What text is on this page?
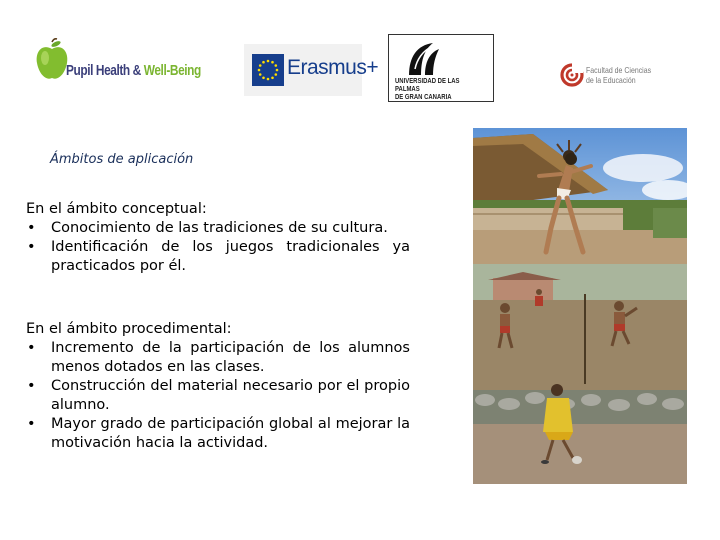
Pupil Health & Well-Being	Erasmus+
UNIVERSIDAD DE LAS PALMAS
DE GRAN CANARIA
Facultad de Ciencias
de la Educación
Ámbitos de aplicación

En el ámbito conceptual:

• Conocimiento de las tradiciones de su cultura.
• Identificación de los juegos tradicionales ya practicados por él.

En el ámbito procedimental:

• Incremento de la participación de los alumnos menos dotados en las clases.
• Construcción del material necesario por el propio alumno.
• Mayor grado de participación global al mejorar la motivación hacia la actividad.
